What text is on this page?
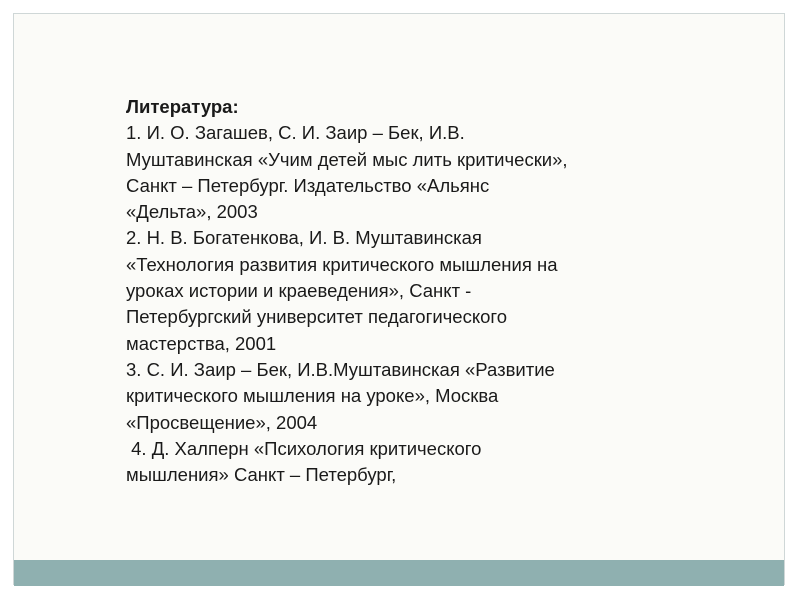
Литература:
1. И. О. Загашев, С. И. Заир – Бек, И.В.
Муштавинская «Учим детей мыс лить критически»,
Санкт – Петербург. Издательство «Альянс
«Дельта», 2003
2. Н. В. Богатенкова, И. В. Муштавинская
«Технология развития критического мышления на
уроках истории и краеведения», Санкт -
Петербургский университет педагогического
мастерства, 2001
3. С. И. Заир – Бек, И.В.Муштавинская «Развитие
критического мышления на уроке», Москва
«Просвещение», 2004
4. Д. Халперн «Психология критического
мышления» Санкт – Петербург,
